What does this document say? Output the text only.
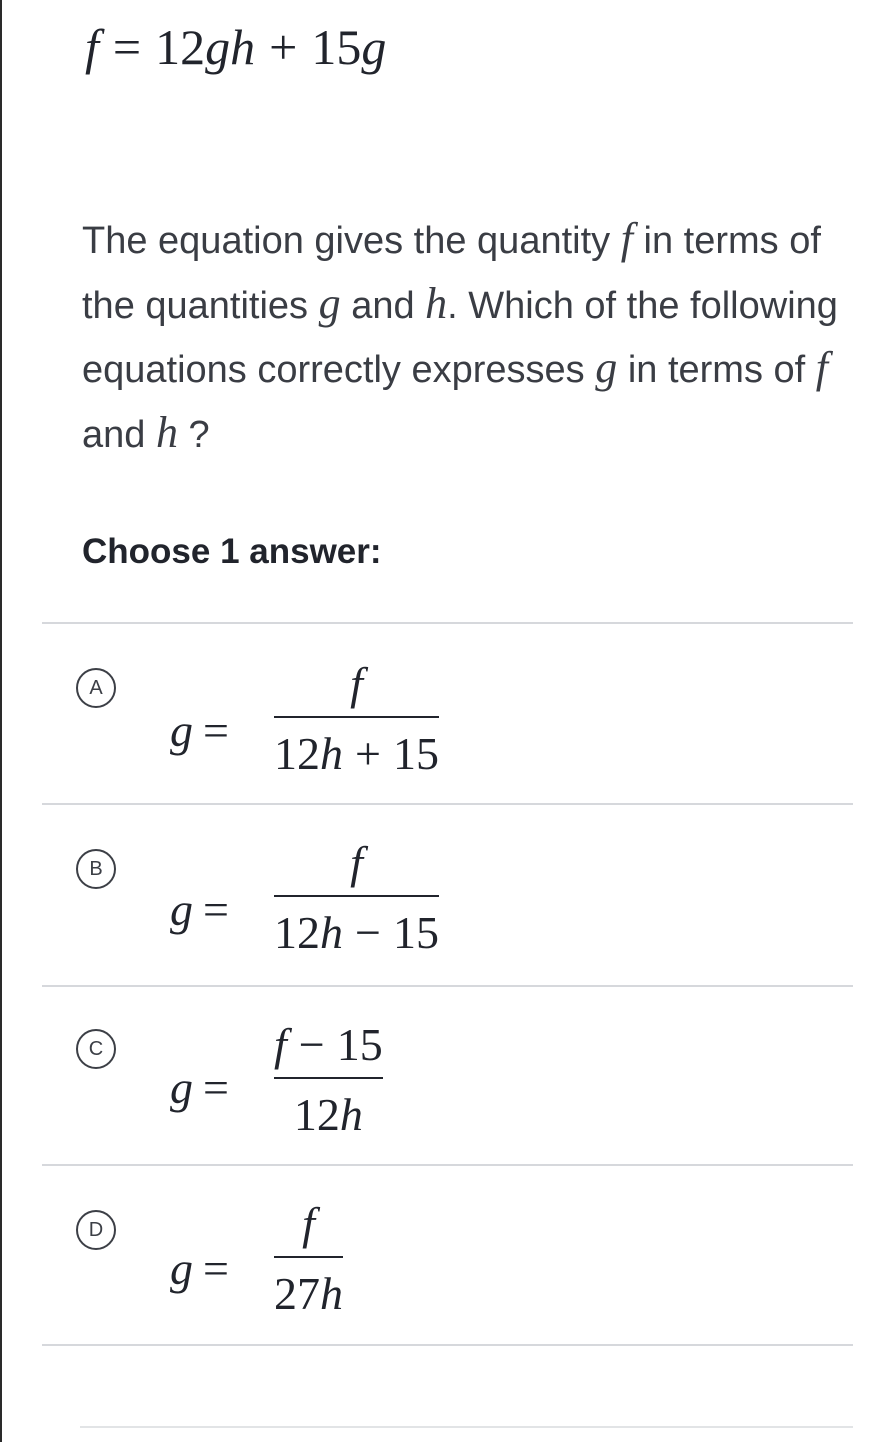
f = 12gh + 15g
The equation gives the quantity f in terms of the quantities g and h. Which of the following equations correctly expresses g in terms of f and h ?
Choose 1 answer:
A
g =
f
12h + 15
B
g =
f
12h − 15
C
g =
f − 15
12h
D
g =
f
27h
